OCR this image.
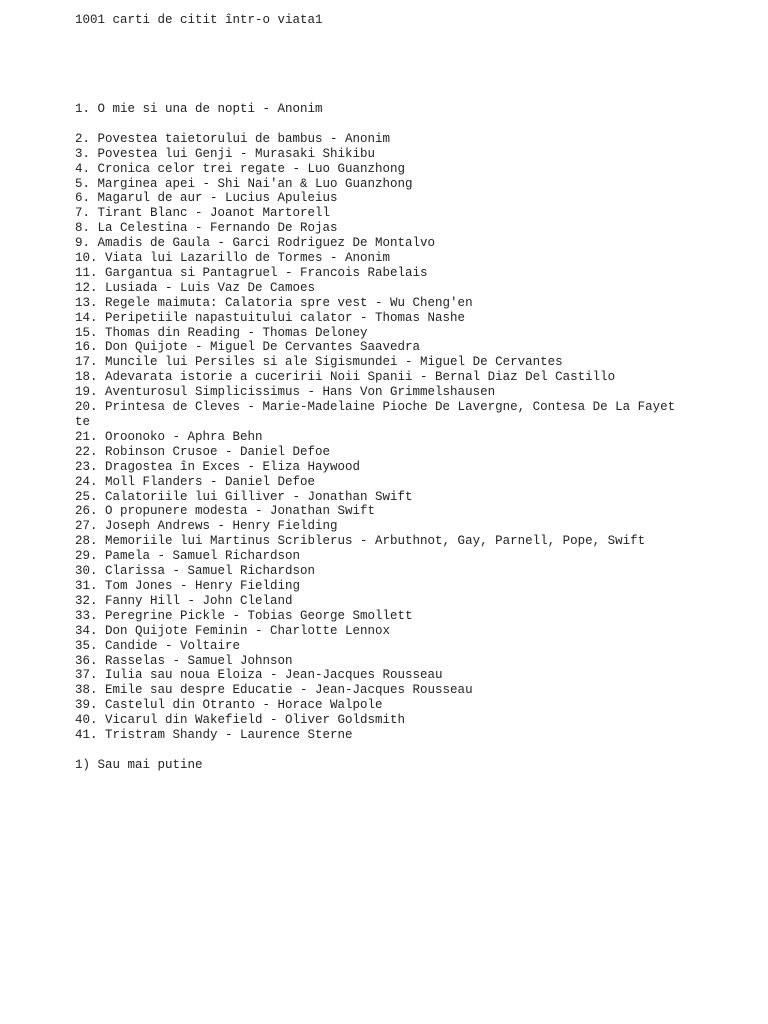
1001 carti de citit într-o viata1
1. O mie si una de nopti - Anonim
2. Povestea taietorului de bambus - Anonim
3. Povestea lui Genji - Murasaki Shikibu
4. Cronica celor trei regate - Luo Guanzhong
5. Marginea apei - Shi Nai'an & Luo Guanzhong
6. Magarul de aur - Lucius Apuleius
7. Tirant Blanc - Joanot Martorell
8. La Celestina - Fernando De Rojas
9. Amadis de Gaula - Garci Rodriguez De Montalvo
10. Viata lui Lazarillo de Tormes - Anonim
11. Gargantua si Pantagruel - Francois Rabelais
12. Lusiada - Luis Vaz De Camoes
13. Regele maimuta: Calatoria spre vest - Wu Cheng'en
14. Peripetiile napastuitului calator - Thomas Nashe
15. Thomas din Reading - Thomas Deloney
16. Don Quijote - Miguel De Cervantes Saavedra
17. Muncile lui Persiles si ale Sigismundei - Miguel De Cervantes
18. Adevarata istorie a cuceririi Noii Spanii - Bernal Diaz Del Castillo
19. Aventurosul Simplicissimus - Hans Von Grimmelshausen
20. Printesa de Cleves - Marie-Madelaine Pioche De Lavergne, Contesa De La Fayet
te
21. Oroonoko - Aphra Behn
22. Robinson Crusoe - Daniel Defoe
23. Dragostea în Exces - Eliza Haywood
24. Moll Flanders - Daniel Defoe
25. Calatoriile lui Gilliver - Jonathan Swift
26. O propunere modesta - Jonathan Swift
27. Joseph Andrews - Henry Fielding
28. Memoriile lui Martinus Scriblerus - Arbuthnot, Gay, Parnell, Pope, Swift
29. Pamela - Samuel Richardson
30. Clarissa - Samuel Richardson
31. Tom Jones - Henry Fielding
32. Fanny Hill - John Cleland
33. Peregrine Pickle - Tobias George Smollett
34. Don Quijote Feminin - Charlotte Lennox
35. Candide - Voltaire
36. Rasselas - Samuel Johnson
37. Iulia sau noua Eloiza - Jean-Jacques Rousseau
38. Emile sau despre Educatie - Jean-Jacques Rousseau
39. Castelul din Otranto - Horace Walpole
40. Vicarul din Wakefield - Oliver Goldsmith
41. Tristram Shandy - Laurence Sterne
1) Sau mai putine
